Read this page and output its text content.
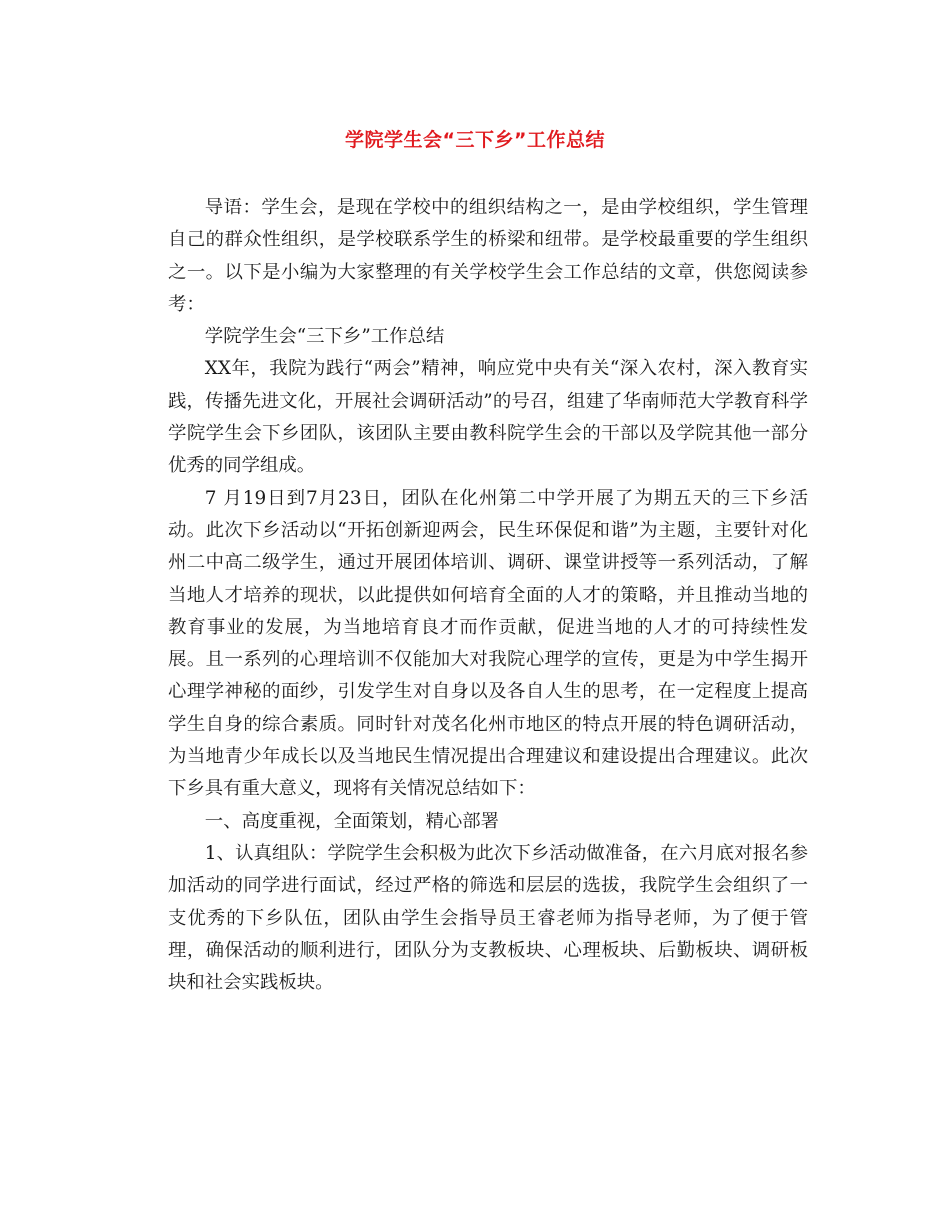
学院学生会“三下乡”工作总结

导语：学生会，是现在学校中的组织结构之一，是由学校组织，学生管理自己的群众性组织，是学校联系学生的桥梁和纽带。是学校最重要的学生组织之一。以下是小编为大家整理的有关学校学生会工作总结的文章，供您阅读参考：

学院学生会“三下乡”工作总结

XX年，我院为践行“两会”精神，响应党中央有关“深入农村，深入教育实践，传播先进文化，开展社会调研活动”的号召，组建了华南师范大学教育科学学院学生会下乡团队，该团队主要由教科院学生会的干部以及学院其他一部分优秀的同学组成。

7 月19日到7月23日，团队在化州第二中学开展了为期五天的三下乡活动。此次下乡活动以“开拓创新迎两会，民生环保促和谐”为主题，主要针对化州二中高二级学生，通过开展团体培训、调研、课堂讲授等一系列活动，了解当地人才培养的现状，以此提供如何培育全面的人才的策略，并且推动当地的教育事业的发展，为当地培育良才而作贡献，促进当地的人才的可持续性发展。且一系列的心理培训不仅能加大对我院心理学的宣传，更是为中学生揭开心理学神秘的面纱，引发学生对自身以及各自人生的思考，在一定程度上提高学生自身的综合素质。同时针对茂名化州市地区的特点开展的特色调研活动，为当地青少年成长以及当地民生情况提出合理建议和建设提出合理建议。此次下乡具有重大意义，现将有关情况总结如下：

一、高度重视，全面策划，精心部署

1、认真组队：学院学生会积极为此次下乡活动做准备，在六月底对报名参加活动的同学进行面试，经过严格的筛选和层层的选拔，我院学生会组织了一支优秀的下乡队伍，团队由学生会指导员王睿老师为指导老师，为了便于管理，确保活动的顺利进行，团队分为支教板块、心理板块、后勤板块、调研板块和社会实践板块。
